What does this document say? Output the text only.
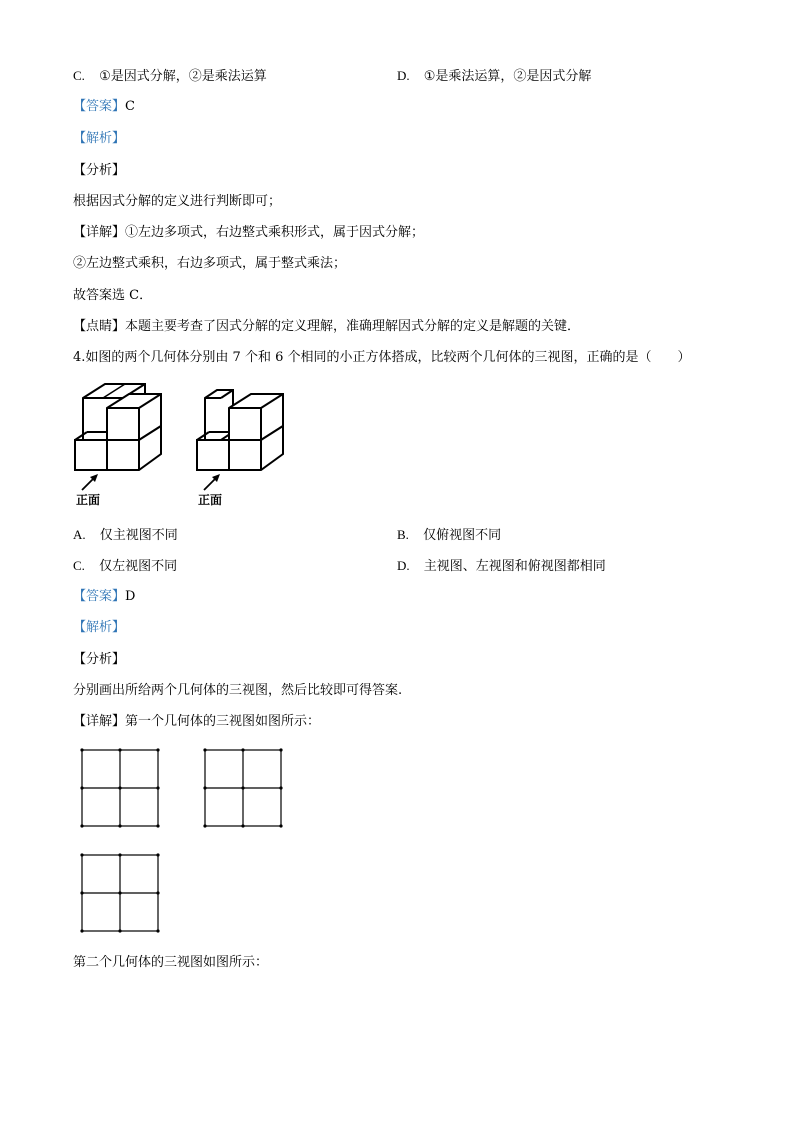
C. ①是因式分解，②是乘法运算	D. ①是乘法运算，②是因式分解
【答案】C
【解析】
【分析】
根据因式分解的定义进行判断即可；
【详解】①左边多项式，右边整式乘积形式，属于因式分解；
②左边整式乘积，右边多项式，属于整式乘法；
故答案选 C．
【点睛】本题主要考查了因式分解的定义理解，准确理解因式分解的定义是解题的关键．
4.如图的两个几何体分别由 7 个和 6 个相同的小正方体搭成，比较两个几何体的三视图，正确的是（　　）
正面	正面
A. 仅主视图不同	B. 仅俯视图不同
C. 仅左视图不同	D. 主视图、左视图和俯视图都相同
【答案】D
【解析】
【分析】
分别画出所给两个几何体的三视图，然后比较即可得答案.
【详解】第一个几何体的三视图如图所示：
第二个几何体的三视图如图所示：
